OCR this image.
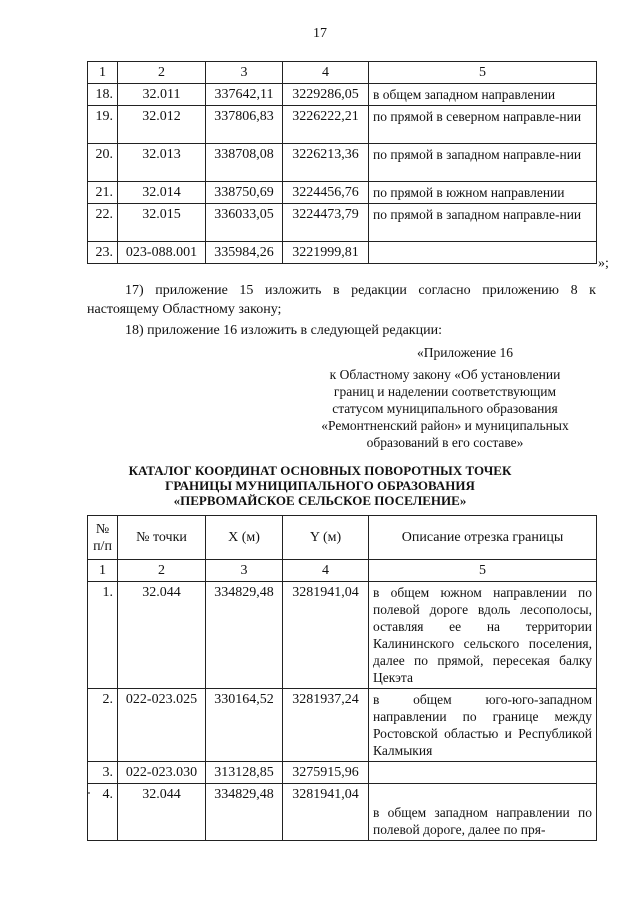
17
1	2	3	4	5
18.	32.011	337642,11	3229286,05	в общем западном направлении
19.	32.012	337806,83	3226222,21	по прямой в северном направле-нии
20.	32.013	338708,08	3226213,36	по прямой в западном направле-нии
21.	32.014	338750,69	3224456,76	по прямой в южном направлении
22.	32.015	336033,05	3224473,79	по прямой в западном направле-нии
23.	023-088.001	335984,26	3221999,81	
»;
17) приложение 15 изложить в редакции согласно приложению 8 к настоящему Областному закону;
18) приложение 16 изложить в следующей редакции:
«Приложение 16
к Областному закону «Об установлении
границ и наделении соответствующим
статусом муниципального образования
«Ремонтненский район» и муниципальных
образований в его составе»
КАТАЛОГ КООРДИНАТ ОСНОВНЫХ ПОВОРОТНЫХ ТОЧЕК
ГРАНИЦЫ МУНИЦИПАЛЬНОГО ОБРАЗОВАНИЯ
«ПЕРВОМАЙСКОЕ СЕЛЬСКОЕ ПОСЕЛЕНИЕ»
№ п/п	№ точки	X (м)	Y (м)	Описание отрезка границы
1	2	3	4	5
1.	32.044	334829,48	3281941,04	в общем южном направлении по полевой дороге вдоль лесополосы, оставляя ее на территории Калининского сельского поселения, далее по прямой, пересекая балку Цекэта
2.	022-023.025	330164,52	3281937,24	в общем юго-юго-западном направлении по границе между Ростовской областью и Республикой Калмыкия
3.	022-023.030	313128,85	3275915,96	
4.	32.044	334829,48	3281941,04	в общем западном направлении по полевой дороге, далее по пря-
